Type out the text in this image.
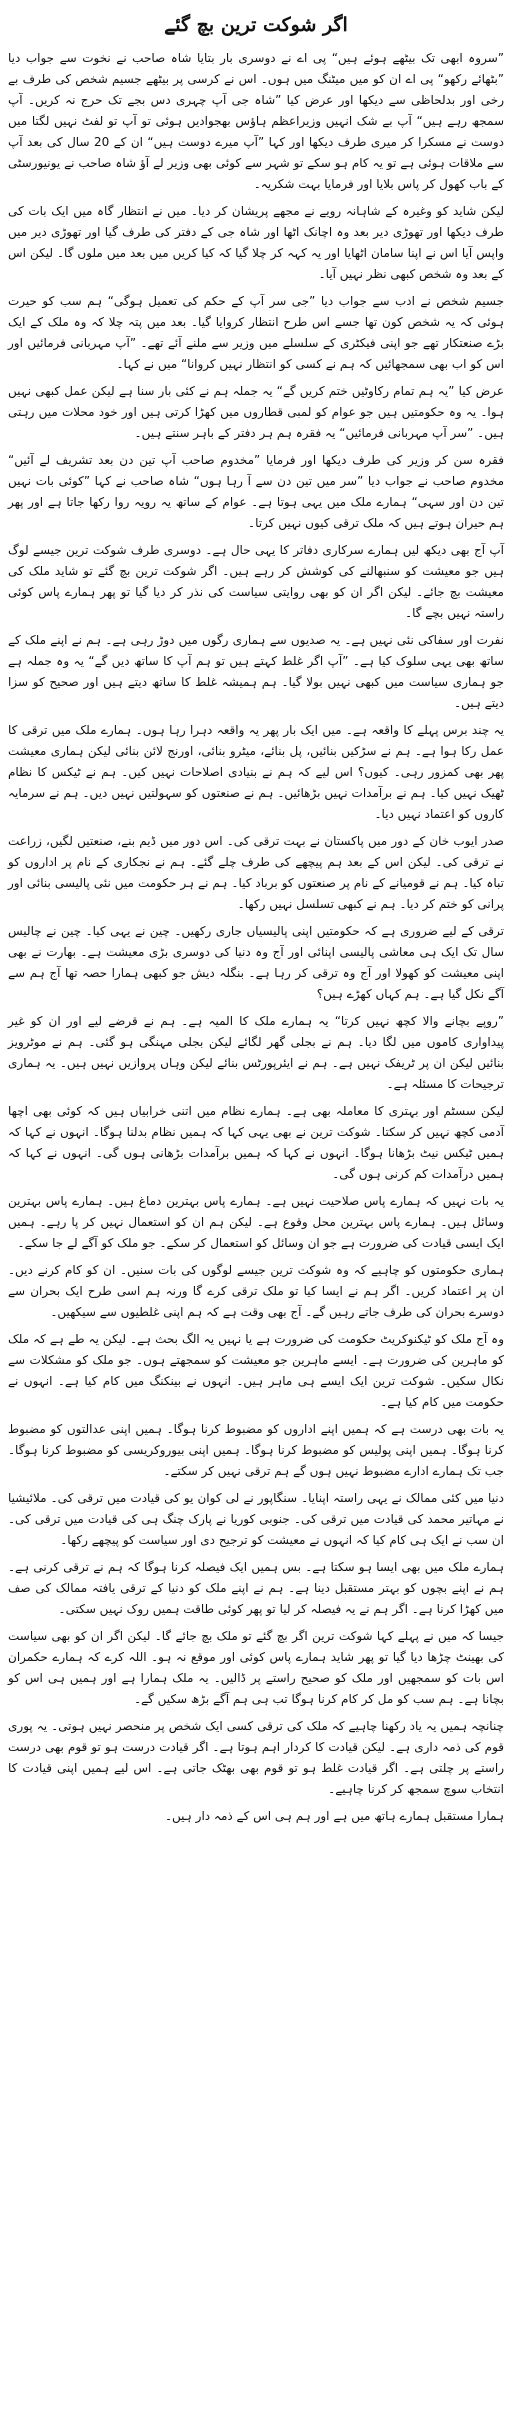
اگر شوکت ترین بچ گئے

”سروہ ابھی تک بیٹھے ہوئے ہیں“ پی اے نے دوسری بار بتایا شاہ صاحب نے نخوت سے جواب دیا ”بٹھائے رکھو“ پی اے ان کو میں میٹنگ میں ہوں۔ اس نے کرسی پر بیٹھے جسیم شخص کی طرف بے رخی اور بدلحاظی سے دیکھا اور عرض کیا ”شاہ جی آپ چہری دس بجے تک حرج نہ کریں۔ آپ سمجھ رہے ہیں“ آپ بے شک انہیں وزیراعظم ہاؤس بھجوادیں ہوئی تو آپ تو لفٹ نہیں لگتا میں دوست نے مسکرا کر میری طرف دیکھا اور کہا ”آپ میرے دوست ہیں“ ان کے 20 سال کی بعد آپ سے ملاقات ہوئی ہے تو یہ کام ہو سکے تو شہر سے کوئی بھی وزیر لے آؤ شاہ صاحب نے یونیورسٹی کے باب کھول کر پاس بلایا اور فرمایا بہت شکریہ۔

لیکن شاید کو وغیرہ کے شاہانہ رویے نے مجھے پریشان کر دیا۔ میں نے انتظار گاہ میں ایک بات کی طرف دیکھا اور تھوڑی دیر بعد وہ اچانک اٹھا اور شاہ جی کے دفتر کی طرف گیا اور تھوڑی دیر میں واپس آیا اس نے اپنا سامان اٹھایا اور یہ کہہ کر چلا گیا کہ کیا کریں میں بعد میں ملوں گا۔ لیکن اس کے بعد وہ شخص کبھی نظر نہیں آیا۔

جسیم شخص نے ادب سے جواب دیا ”جی سر آپ کے حکم کی تعمیل ہوگی“ ہم سب کو حیرت ہوئی کہ یہ شخص کون تھا جسے اس طرح انتظار کروایا گیا۔ بعد میں پتہ چلا کہ وہ ملک کے ایک بڑے صنعتکار تھے جو اپنی فیکٹری کے سلسلے میں وزیر سے ملنے آئے تھے۔ ”آپ مہربانی فرمائیں اور اس کو اب بھی سمجھائیں کہ ہم نے کسی کو انتظار نہیں کروانا“ میں نے کہا۔

عرض کیا ”یہ ہم تمام رکاوٹیں ختم کریں گے“ یہ جملہ ہم نے کئی بار سنا ہے لیکن عمل کبھی نہیں ہوا۔ یہ وہ حکومتیں ہیں جو عوام کو لمبی قطاروں میں کھڑا کرتی ہیں اور خود محلات میں رہتی ہیں۔ ”سر آپ مہربانی فرمائیں“ یہ فقرہ ہم ہر دفتر کے باہر سنتے ہیں۔

فقرہ سن کر وزیر کی طرف دیکھا اور فرمایا ”مخدوم صاحب آپ تین دن بعد تشریف لے آئیں“ مخدوم صاحب نے جواب دیا ”سر میں تین دن سے آ رہا ہوں“ شاہ صاحب نے کہا ”کوئی بات نہیں تین دن اور سہی“ ہمارے ملک میں یہی ہوتا ہے۔ عوام کے ساتھ یہ رویہ روا رکھا جاتا ہے اور پھر ہم حیران ہوتے ہیں کہ ملک ترقی کیوں نہیں کرتا۔

آپ آج بھی دیکھ لیں ہمارے سرکاری دفاتر کا یہی حال ہے۔ دوسری طرف شوکت ترین جیسے لوگ ہیں جو معیشت کو سنبھالنے کی کوشش کر رہے ہیں۔ اگر شوکت ترین بچ گئے تو شاید ملک کی معیشت بچ جائے۔ لیکن اگر ان کو بھی روایتی سیاست کی نذر کر دیا گیا تو پھر ہمارے پاس کوئی راستہ نہیں بچے گا۔

نفرت اور سفاکی نئی نہیں ہے۔ یہ صدیوں سے ہماری رگوں میں دوڑ رہی ہے۔ ہم نے اپنے ملک کے ساتھ بھی یہی سلوک کیا ہے۔ ”آپ اگر غلط کہتے ہیں تو ہم آپ کا ساتھ دیں گے“ یہ وہ جملہ ہے جو ہماری سیاست میں کبھی نہیں بولا گیا۔ ہم ہمیشہ غلط کا ساتھ دیتے ہیں اور صحیح کو سزا دیتے ہیں۔

یہ چند برس پہلے کا واقعہ ہے۔ میں ایک بار پھر یہ واقعہ دہرا رہا ہوں۔ ہمارے ملک میں ترقی کا عمل رکا ہوا ہے۔ ہم نے سڑکیں بنائیں، پل بنائے، میٹرو بنائی، اورنج لائن بنائی لیکن ہماری معیشت پھر بھی کمزور رہی۔ کیوں؟ اس لیے کہ ہم نے بنیادی اصلاحات نہیں کیں۔ ہم نے ٹیکس کا نظام ٹھیک نہیں کیا۔ ہم نے برآمدات نہیں بڑھائیں۔ ہم نے صنعتوں کو سہولتیں نہیں دیں۔ ہم نے سرمایہ کاروں کو اعتماد نہیں دیا۔

صدر ایوب خان کے دور میں پاکستان نے بہت ترقی کی۔ اس دور میں ڈیم بنے، صنعتیں لگیں، زراعت نے ترقی کی۔ لیکن اس کے بعد ہم پیچھے کی طرف چلے گئے۔ ہم نے نجکاری کے نام پر اداروں کو تباہ کیا۔ ہم نے قومیانے کے نام پر صنعتوں کو برباد کیا۔ ہم نے ہر حکومت میں نئی پالیسی بنائی اور پرانی کو ختم کر دیا۔ ہم نے کبھی تسلسل نہیں رکھا۔

ترقی کے لیے ضروری ہے کہ حکومتیں اپنی پالیسیاں جاری رکھیں۔ چین نے یہی کیا۔ چین نے چالیس سال تک ایک ہی معاشی پالیسی اپنائی اور آج وہ دنیا کی دوسری بڑی معیشت ہے۔ بھارت نے بھی اپنی معیشت کو کھولا اور آج وہ ترقی کر رہا ہے۔ بنگلہ دیش جو کبھی ہمارا حصہ تھا آج ہم سے آگے نکل گیا ہے۔ ہم کہاں کھڑے ہیں؟

”روپے بچانے والا کچھ نہیں کرتا“ یہ ہمارے ملک کا المیہ ہے۔ ہم نے قرضے لیے اور ان کو غیر پیداواری کاموں میں لگا دیا۔ ہم نے بجلی گھر لگائے لیکن بجلی مہنگی ہو گئی۔ ہم نے موٹرویز بنائیں لیکن ان پر ٹریفک نہیں ہے۔ ہم نے ایئرپورٹس بنائے لیکن وہاں پروازیں نہیں ہیں۔ یہ ہماری ترجیحات کا مسئلہ ہے۔

لیکن سسٹم اور بہتری کا معاملہ بھی ہے۔ ہمارے نظام میں اتنی خرابیاں ہیں کہ کوئی بھی اچھا آدمی کچھ نہیں کر سکتا۔ شوکت ترین نے بھی یہی کہا کہ ہمیں نظام بدلنا ہوگا۔ انہوں نے کہا کہ ہمیں ٹیکس نیٹ بڑھانا ہوگا۔ انہوں نے کہا کہ ہمیں برآمدات بڑھانی ہوں گی۔ انہوں نے کہا کہ ہمیں درآمدات کم کرنی ہوں گی۔

یہ بات نہیں کہ ہمارے پاس صلاحیت نہیں ہے۔ ہمارے پاس بہترین دماغ ہیں۔ ہمارے پاس بہترین وسائل ہیں۔ ہمارے پاس بہترین محل وقوع ہے۔ لیکن ہم ان کو استعمال نہیں کر پا رہے۔ ہمیں ایک ایسی قیادت کی ضرورت ہے جو ان وسائل کو استعمال کر سکے۔ جو ملک کو آگے لے جا سکے۔

ہماری حکومتوں کو چاہیے کہ وہ شوکت ترین جیسے لوگوں کی بات سنیں۔ ان کو کام کرنے دیں۔ ان پر اعتماد کریں۔ اگر ہم نے ایسا کیا تو ملک ترقی کرے گا ورنہ ہم اسی طرح ایک بحران سے دوسرے بحران کی طرف جاتے رہیں گے۔ آج بھی وقت ہے کہ ہم اپنی غلطیوں سے سیکھیں۔

وہ آج ملک کو ٹیکنوکریٹ حکومت کی ضرورت ہے یا نہیں یہ الگ بحث ہے۔ لیکن یہ طے ہے کہ ملک کو ماہرین کی ضرورت ہے۔ ایسے ماہرین جو معیشت کو سمجھتے ہوں۔ جو ملک کو مشکلات سے نکال سکیں۔ شوکت ترین ایک ایسے ہی ماہر ہیں۔ انہوں نے بینکنگ میں کام کیا ہے۔ انہوں نے حکومت میں کام کیا ہے۔

یہ بات بھی درست ہے کہ ہمیں اپنے اداروں کو مضبوط کرنا ہوگا۔ ہمیں اپنی عدالتوں کو مضبوط کرنا ہوگا۔ ہمیں اپنی پولیس کو مضبوط کرنا ہوگا۔ ہمیں اپنی بیوروکریسی کو مضبوط کرنا ہوگا۔ جب تک ہمارے ادارے مضبوط نہیں ہوں گے ہم ترقی نہیں کر سکتے۔

دنیا میں کئی ممالک نے یہی راستہ اپنایا۔ سنگاپور نے لی کوان یو کی قیادت میں ترقی کی۔ ملائیشیا نے مہاتیر محمد کی قیادت میں ترقی کی۔ جنوبی کوریا نے پارک چنگ ہی کی قیادت میں ترقی کی۔ ان سب نے ایک ہی کام کیا کہ انہوں نے معیشت کو ترجیح دی اور سیاست کو پیچھے رکھا۔

ہمارے ملک میں بھی ایسا ہو سکتا ہے۔ بس ہمیں ایک فیصلہ کرنا ہوگا کہ ہم نے ترقی کرنی ہے۔ ہم نے اپنے بچوں کو بہتر مستقبل دینا ہے۔ ہم نے اپنے ملک کو دنیا کے ترقی یافتہ ممالک کی صف میں کھڑا کرنا ہے۔ اگر ہم نے یہ فیصلہ کر لیا تو پھر کوئی طاقت ہمیں روک نہیں سکتی۔

جیسا کہ میں نے پہلے کہا شوکت ترین اگر بچ گئے تو ملک بچ جائے گا۔ لیکن اگر ان کو بھی سیاست کی بھینٹ چڑھا دیا گیا تو پھر شاید ہمارے پاس کوئی اور موقع نہ ہو۔ اللہ کرے کہ ہمارے حکمران اس بات کو سمجھیں اور ملک کو صحیح راستے پر ڈالیں۔ یہ ملک ہمارا ہے اور ہمیں ہی اس کو بچانا ہے۔ ہم سب کو مل کر کام کرنا ہوگا تب ہی ہم آگے بڑھ سکیں گے۔

چنانچہ ہمیں یہ یاد رکھنا چاہیے کہ ملک کی ترقی کسی ایک شخص پر منحصر نہیں ہوتی۔ یہ پوری قوم کی ذمہ داری ہے۔ لیکن قیادت کا کردار اہم ہوتا ہے۔ اگر قیادت درست ہو تو قوم بھی درست راستے پر چلتی ہے۔ اگر قیادت غلط ہو تو قوم بھی بھٹک جاتی ہے۔ اس لیے ہمیں اپنی قیادت کا انتخاب سوچ سمجھ کر کرنا چاہیے۔

ہمارا مستقبل ہمارے ہاتھ میں ہے اور ہم ہی اس کے ذمہ دار ہیں۔
